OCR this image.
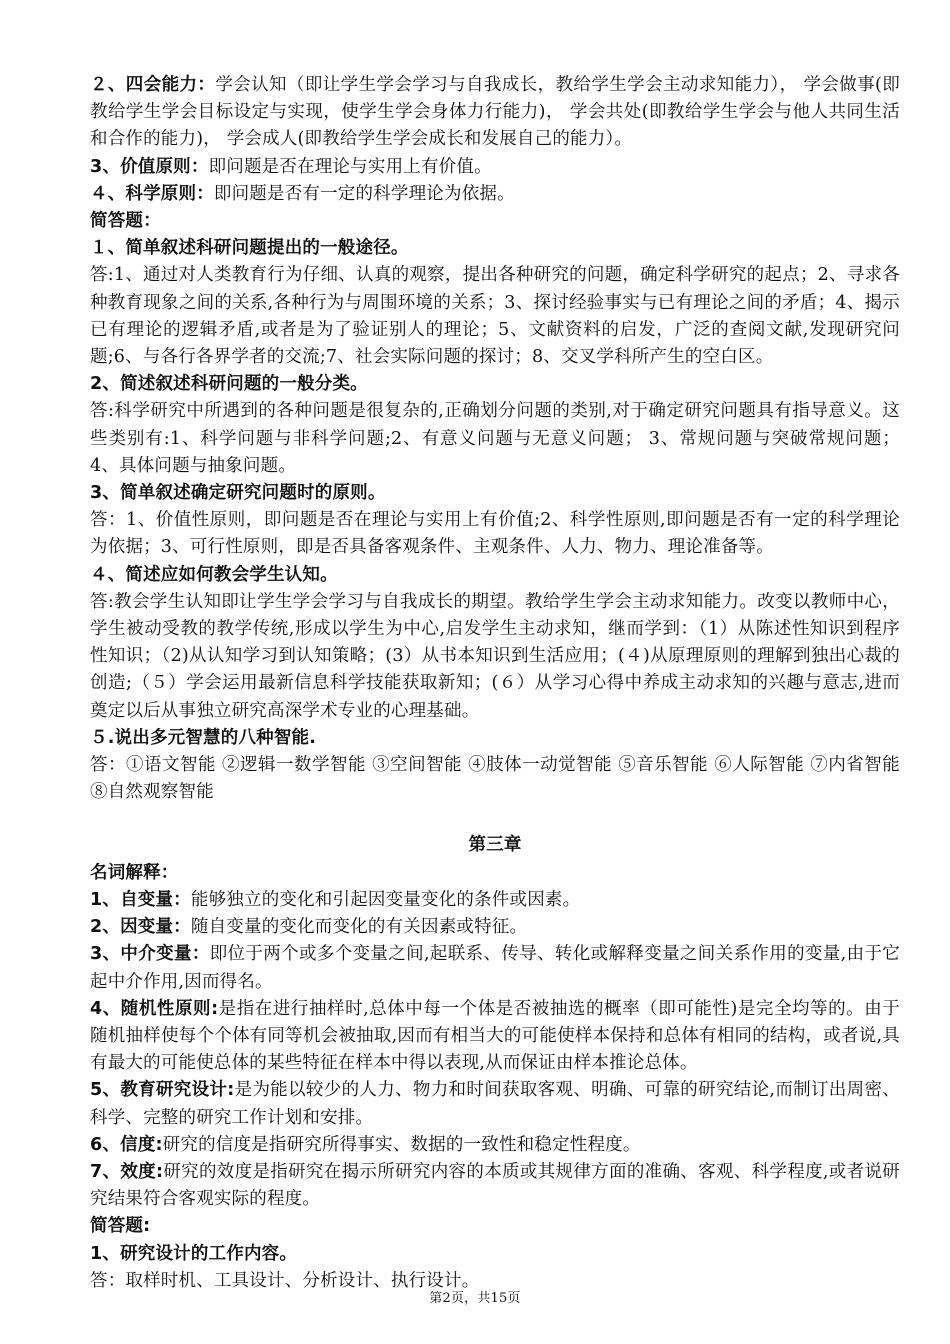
２、四会能力：学会认知（即让学生学会学习与自我成长，教给学生学会主动求知能力）， 学会做事(即教给学生学会目标设定与实现，使学生学会身体力行能力)， 学会共处(即教给学生学会与他人共同生活和合作的能力)， 学会成人(即教给学生学会成长和发展自己的能力）。

3、价值原则：即问题是否在理论与实用上有价值。

４、科学原则：即问题是否有一定的科学理论为依据。

简答题：

１、简单叙述科研问题提出的一般途径。

答:1、通过对人类教育行为仔细、认真的观察，提出各种研究的问题，确定科学研究的起点；2、寻求各种教育现象之间的关系,各种行为与周围环境的关系；3、探讨经验事实与已有理论之间的矛盾；4、揭示已有理论的逻辑矛盾,或者是为了验证别人的理论；5、文献资料的启发，广泛的查阅文献,发现研究问题;6、与各行各界学者的交流;7、社会实际问题的探讨；8、交叉学科所产生的空白区。

2、简述叙述科研问题的一般分类。

答:科学研究中所遇到的各种问题是很复杂的,正确划分问题的类别,对于确定研究问题具有指导意义。这些类别有:1、科学问题与非科学问题;2、有意义问题与无意义问题； 3、常规问题与突破常规问题； 4、具体问题与抽象问题。

3、简单叙述确定研究问题时的原则。

答：1、价值性原则，即问题是否在理论与实用上有价值;2、科学性原则,即问题是否有一定的科学理论为依据；3、可行性原则，即是否具备客观条件、主观条件、人力、物力、理论准备等。

４、简述应如何教会学生认知。

答:教会学生认知即让学生学会学习与自我成长的期望。教给学生学会主动求知能力。改变以教师中心，学生被动受教的教学传统,形成以学生为中心,启发学生主动求知，继而学到：（1）从陈述性知识到程序性知识；（2)从认知学习到认知策略；(3）从书本知识到生活应用；(４)从原理原则的理解到独出心裁的创造;（５）学会运用最新信息科学技能获取新知；(６）从学习心得中养成主动求知的兴趣与意志,进而奠定以后从事独立研究高深学术专业的心理基础。

５.说出多元智慧的八种智能.

答：①语文智能 ②逻辑一数学智能 ③空间智能 ④肢体一动觉智能 ⑤音乐智能 ⑥人际智能 ⑦内省智能　⑧自然观察智能

第三章

名词解释：

1、自变量：能够独立的变化和引起因变量变化的条件或因素。

2、因变量：随自变量的变化而变化的有关因素或特征。

3、中介变量：即位于两个或多个变量之间,起联系、传导、转化或解释变量之间关系作用的变量,由于它起中介作用,因而得名。

4、随机性原则:是指在进行抽样时,总体中每一个体是否被抽选的概率（即可能性)是完全均等的。由于随机抽样使每个个体有同等机会被抽取,因而有相当大的可能使样本保持和总体有相同的结构，或者说,具有最大的可能使总体的某些特征在样本中得以表现,从而保证由样本推论总体。

5、教育研究设计:是为能以较少的人力、物力和时间获取客观、明确、可靠的研究结论,而制订出周密、科学、完整的研究工作计划和安排。

6、信度:研究的信度是指研究所得事实、数据的一致性和稳定性程度。

7、效度:研究的效度是指研究在揭示所研究内容的本质或其规律方面的准确、客观、科学程度,或者说研究结果符合客观实际的程度。

简答题:

1、研究设计的工作内容。

答：取样时机、工具设计、分析设计、执行设计。

第2页，共15页
